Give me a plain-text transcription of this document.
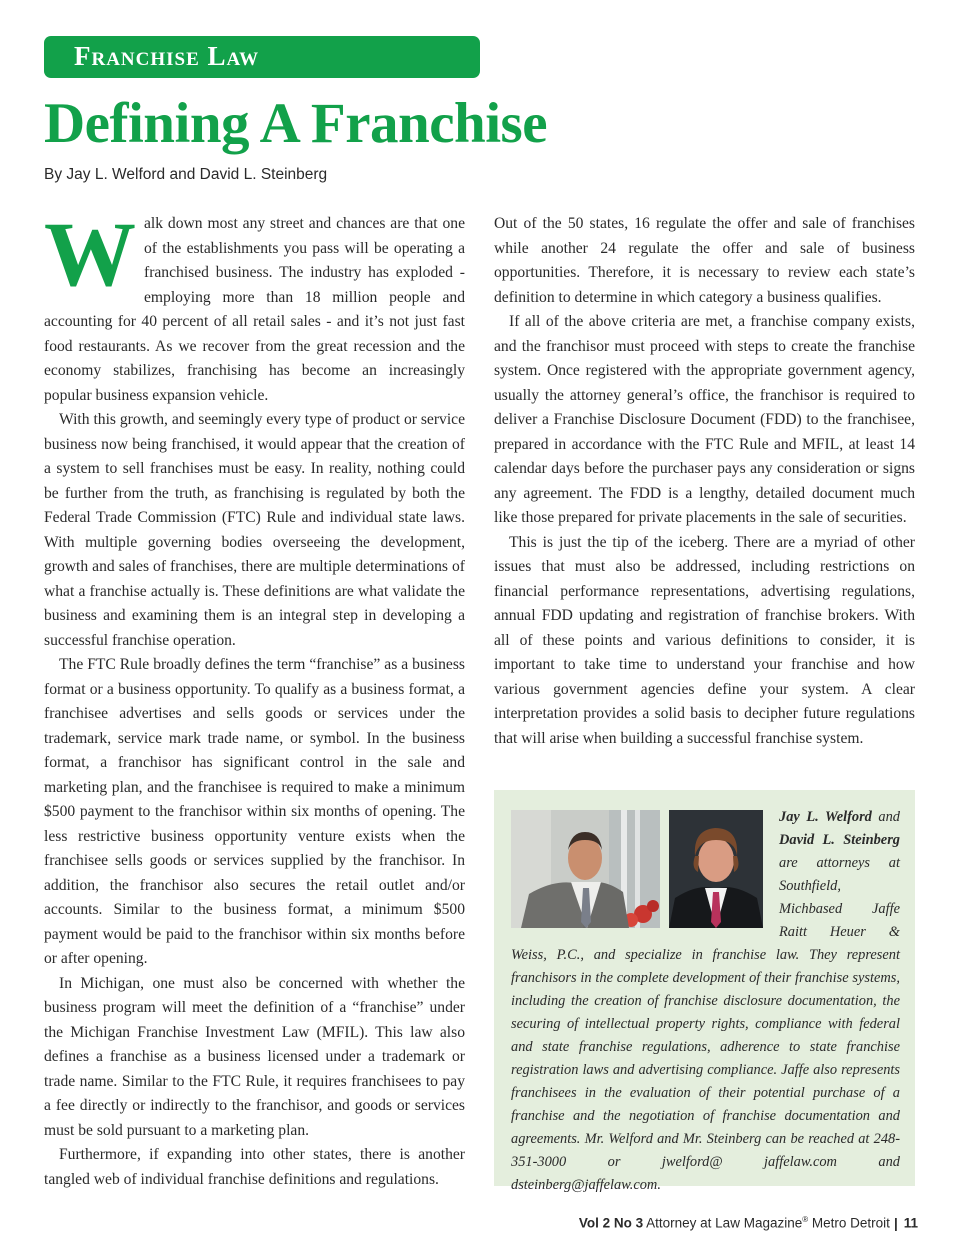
Franchise Law
Defining A Franchise
By Jay L. Welford and David L. Steinberg

Walk down most any street and chances are that one of the establishments you pass will be operating a franchised business. The industry has exploded - employing more than 18 million people and accounting for 40 percent of all retail sales - and it’s not just fast food restaurants. As we recover from the great recession and the economy stabilizes, franchising has become an increasingly popular business expansion vehicle.

With this growth, and seemingly every type of product or service business now being franchised, it would appear that the creation of a system to sell franchises must be easy. In reality, nothing could be further from the truth, as franchising is regulated by both the Federal Trade Commission (FTC) Rule and individual state laws. With multiple governing bodies overseeing the development, growth and sales of franchises, there are multiple determinations of what a franchise actually is. These definitions are what validate the business and examining them is an integral step in developing a successful franchise operation.

The FTC Rule broadly defines the term “franchise” as a business format or a business opportunity. To qualify as a business format, a franchisee advertises and sells goods or services under the trademark, service mark trade name, or symbol. In the business format, a franchisor has significant control in the sale and marketing plan, and the franchisee is required to make a minimum $500 payment to the franchisor within six months of opening. The less restrictive business opportunity venture exists when the franchisee sells goods or services supplied by the franchisor. In addition, the franchisor also secures the retail outlet and/or accounts. Similar to the business format, a minimum $500 payment would be paid to the franchisor within six months before or after opening.

In Michigan, one must also be concerned with whether the business program will meet the definition of a “franchise” under the Michigan Franchise Investment Law (MFIL). This law also defines a franchise as a business licensed under a trademark or trade name. Similar to the FTC Rule, it requires franchisees to pay a fee directly or indirectly to the franchisor, and goods or services must be sold pursuant to a marketing plan.

Furthermore, if expanding into other states, there is another tangled web of individual franchise definitions and regulations.

Out of the 50 states, 16 regulate the offer and sale of franchises while another 24 regulate the offer and sale of business opportunities. Therefore, it is necessary to review each state’s definition to determine in which category a business qualifies.

If all of the above criteria are met, a franchise company exists, and the franchisor must proceed with steps to create the franchise system. Once registered with the appropriate government agency, usually the attorney general’s office, the franchisor is required to deliver a Franchise Disclosure Document (FDD) to the franchisee, prepared in accordance with the FTC Rule and MFIL, at least 14 calendar days before the purchaser pays any consideration or signs any agreement. The FDD is a lengthy, detailed document much like those prepared for private placements in the sale of securities.

This is just the tip of the iceberg. There are a myriad of other issues that must also be addressed, including restrictions on financial performance representations, advertising regulations, annual FDD updating and registration of franchise brokers. With all of these points and various definitions to consider, it is important to take time to understand your franchise and how various government agencies define your system. A clear interpretation provides a solid basis to decipher future regulations that will arise when building a successful franchise system.

Jay L. Welford and David L. Steinberg are attorneys at Southfield, Michbased Jaffe Raitt Heuer & Weiss, P.C., and specialize in franchise law. They represent franchisors in the complete development of their franchise systems, including the creation of franchise disclosure documentation, the securing of intellectual property rights, compliance with federal and state franchise regulations, adherence to state franchise registration laws and advertising compliance. Jaffe also represents franchisees in the evaluation of their potential purchase of a franchise and the negotiation of franchise documentation and agreements. Mr. Welford and Mr. Steinberg can be reached at 248-351-3000 or jwelford@ jaffelaw.com and dsteinberg@jaffelaw.com.
Vol 2 No 3 Attorney at Law Magazine® Metro Detroit | 11
